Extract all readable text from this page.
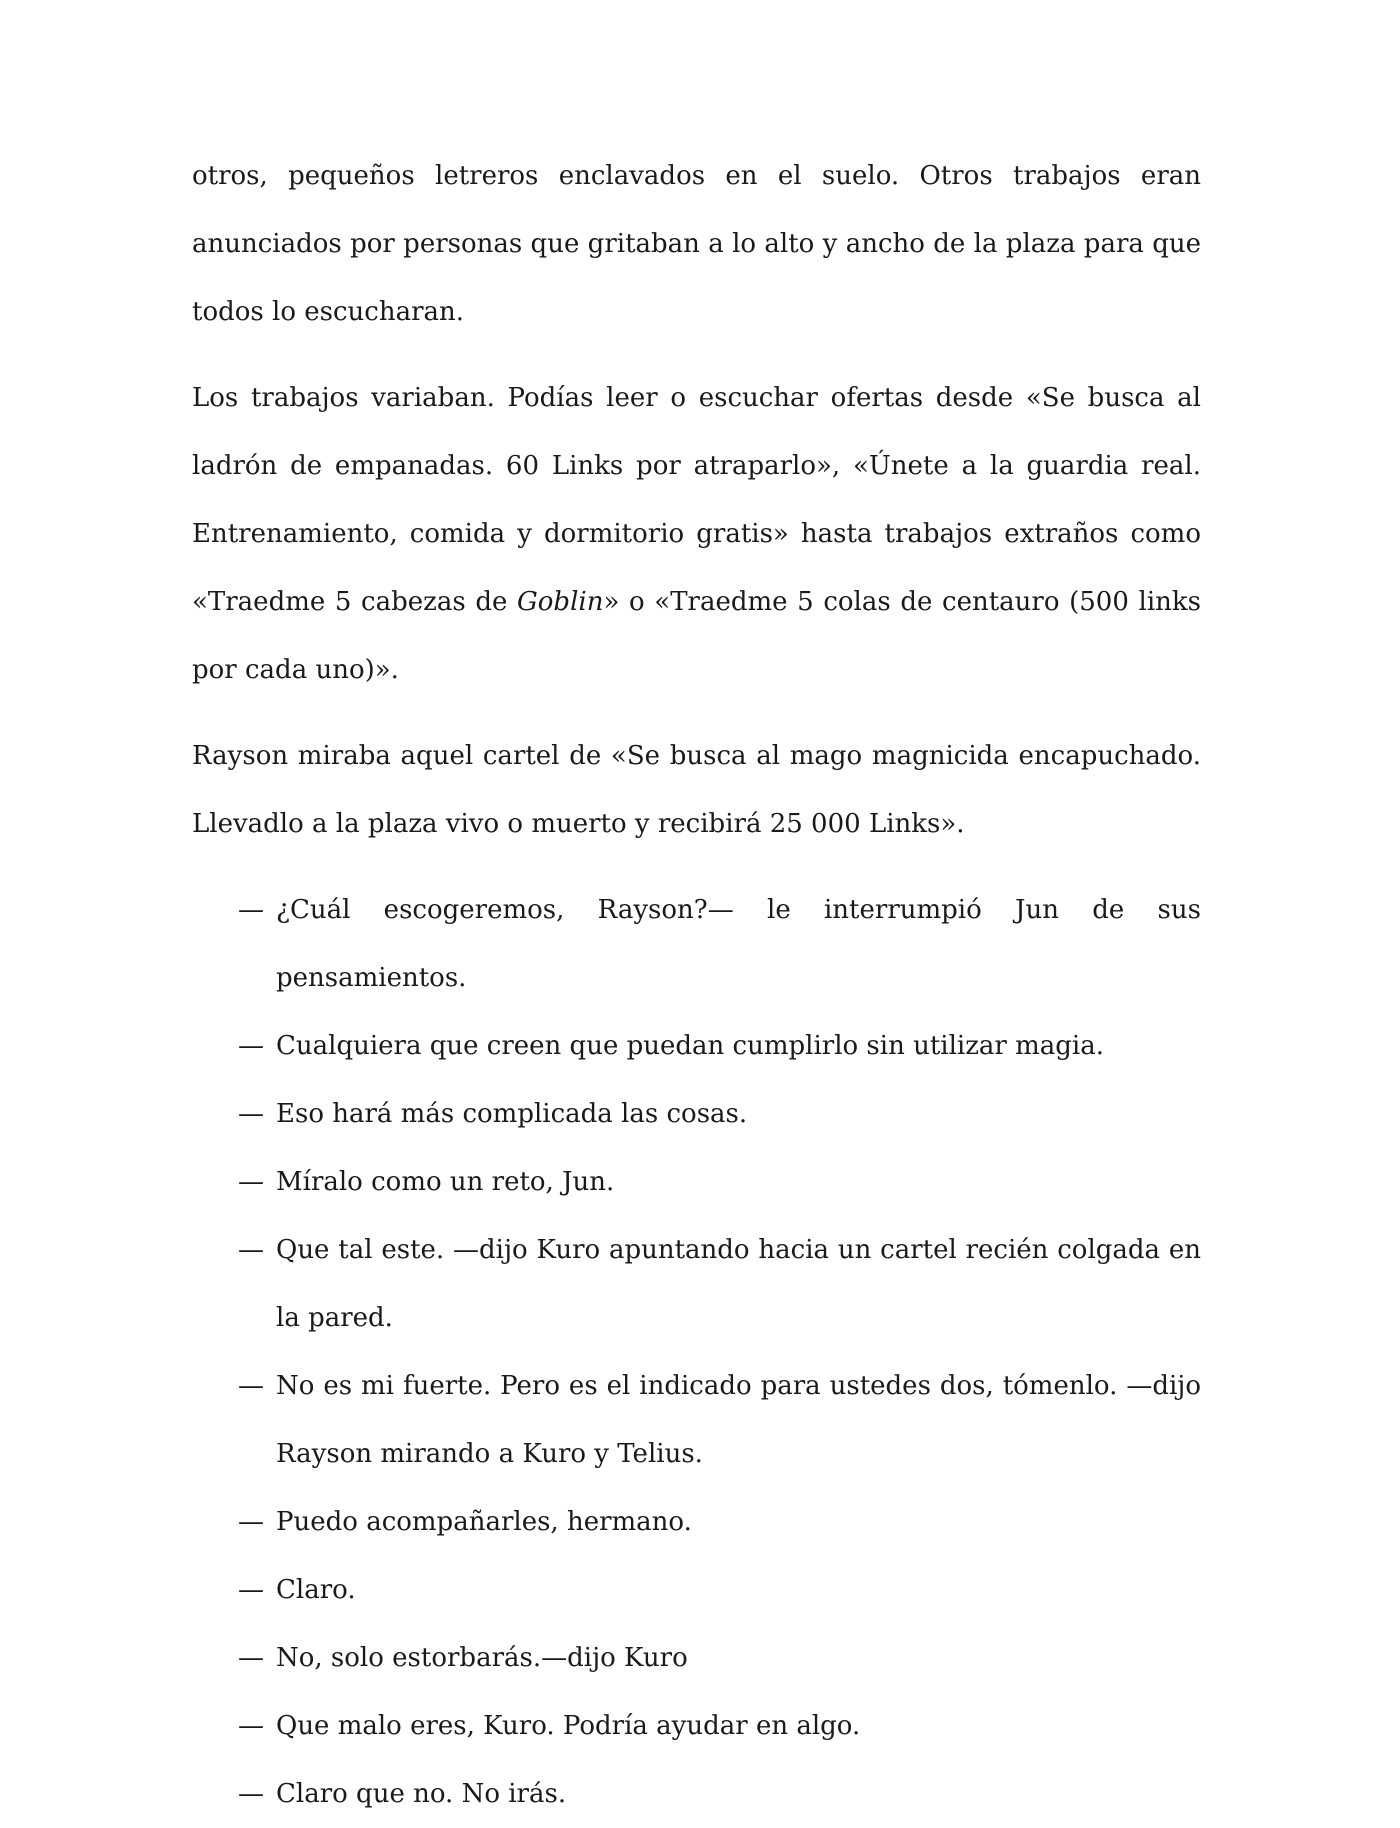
otros, pequeños letreros enclavados en el suelo. Otros trabajos eran anunciados por personas que gritaban a lo alto y ancho de la plaza para que todos lo escucharan.

Los trabajos variaban. Podías leer o escuchar ofertas desde «Se busca al ladrón de empanadas. 60 Links por atraparlo», «Únete a la guardia real. Entrenamiento, comida y dormitorio gratis» hasta trabajos extraños como «Traedme 5 cabezas de Goblin» o «Traedme 5 colas de centauro (500 links por cada uno)».

Rayson miraba aquel cartel de «Se busca al mago magnicida encapuchado. Llevadlo a la plaza vivo o muerto y recibirá 25 000 Links».

— ¿Cuál escogeremos, Rayson?— le interrumpió Jun de sus pensamientos.

— Cualquiera que creen que puedan cumplirlo sin utilizar magia.

— Eso hará más complicada las cosas.

— Míralo como un reto, Jun.

— Que tal este. —dijo Kuro apuntando hacia un cartel recién colgada en la pared.

— No es mi fuerte. Pero es el indicado para ustedes dos, tómenlo. —dijo Rayson mirando a Kuro y Telius.

— Puedo acompañarles, hermano.

— Claro.

— No, solo estorbarás.—dijo Kuro

— Que malo eres, Kuro. Podría ayudar en algo.

— Claro que no. No irás.
